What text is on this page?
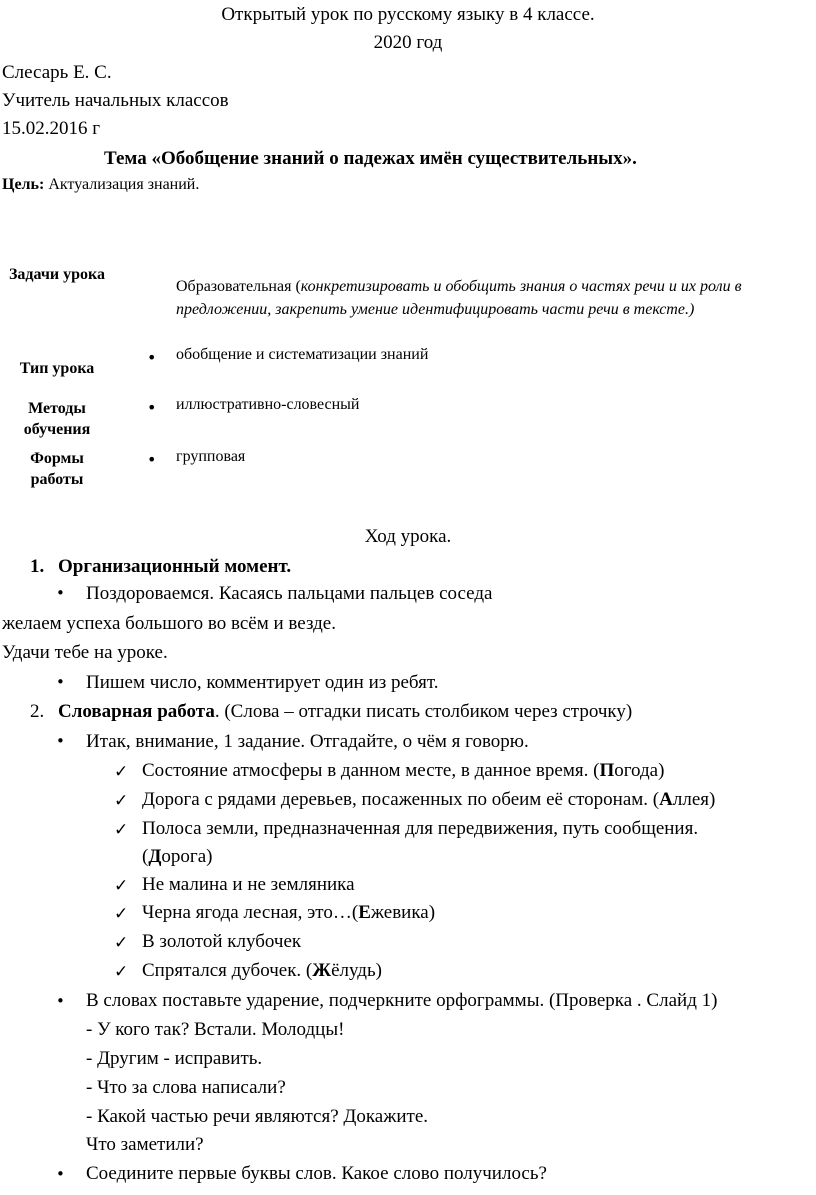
Открытый урок по русскому языку в 4 классе.
2020 год
Слесарь Е. С.
Учитель начальных классов
15.02.2016 г
Тема «Обобщение знаний о падежах имён существительных».
Цель: Актуализация знаний.
Задачи урока
Образовательная (конкретизировать и обобщить знания о частях речи и их роли в предложении, закрепить умение идентифицировать части речи в тексте.)
Тип урока
• обобщение и систематизации знаний
Методы обучения
• иллюстративно-словесный
Формы работы
• групповая
Ход урока.
1. Организационный момент.
• Поздороваемся. Касаясь пальцами пальцев соседа
желаем успеха большого во всём и везде.
Удачи тебе на уроке.
• Пишем число, комментирует один из ребят.
2. Словарная работа. (Слова – отгадки писать столбиком через строчку)
• Итак, внимание, 1 задание. Отгадайте, о чём я говорю.
✓ Состояние атмосферы в данном месте, в данное время. (Погода)
✓ Дорога с рядами деревьев, посаженных по обеим её сторонам. (Аллея)
✓ Полоса земли, предназначенная для передвижения, путь сообщения.
(Дорога)
✓ Не малина и не земляника
✓ Черна ягода лесная, это…(Ежевика)
✓ В золотой клубочек
✓ Спрятался дубочек. (Жёлудь)
• В словах поставьте ударение, подчеркните орфограммы. (Проверка . Слайд 1)
- У кого так? Встали. Молодцы!
- Другим - исправить.
- Что за слова написали?
- Какой частью речи являются? Докажите.
Что заметили?
• Соедините первые буквы слов. Какое слово получилось?
